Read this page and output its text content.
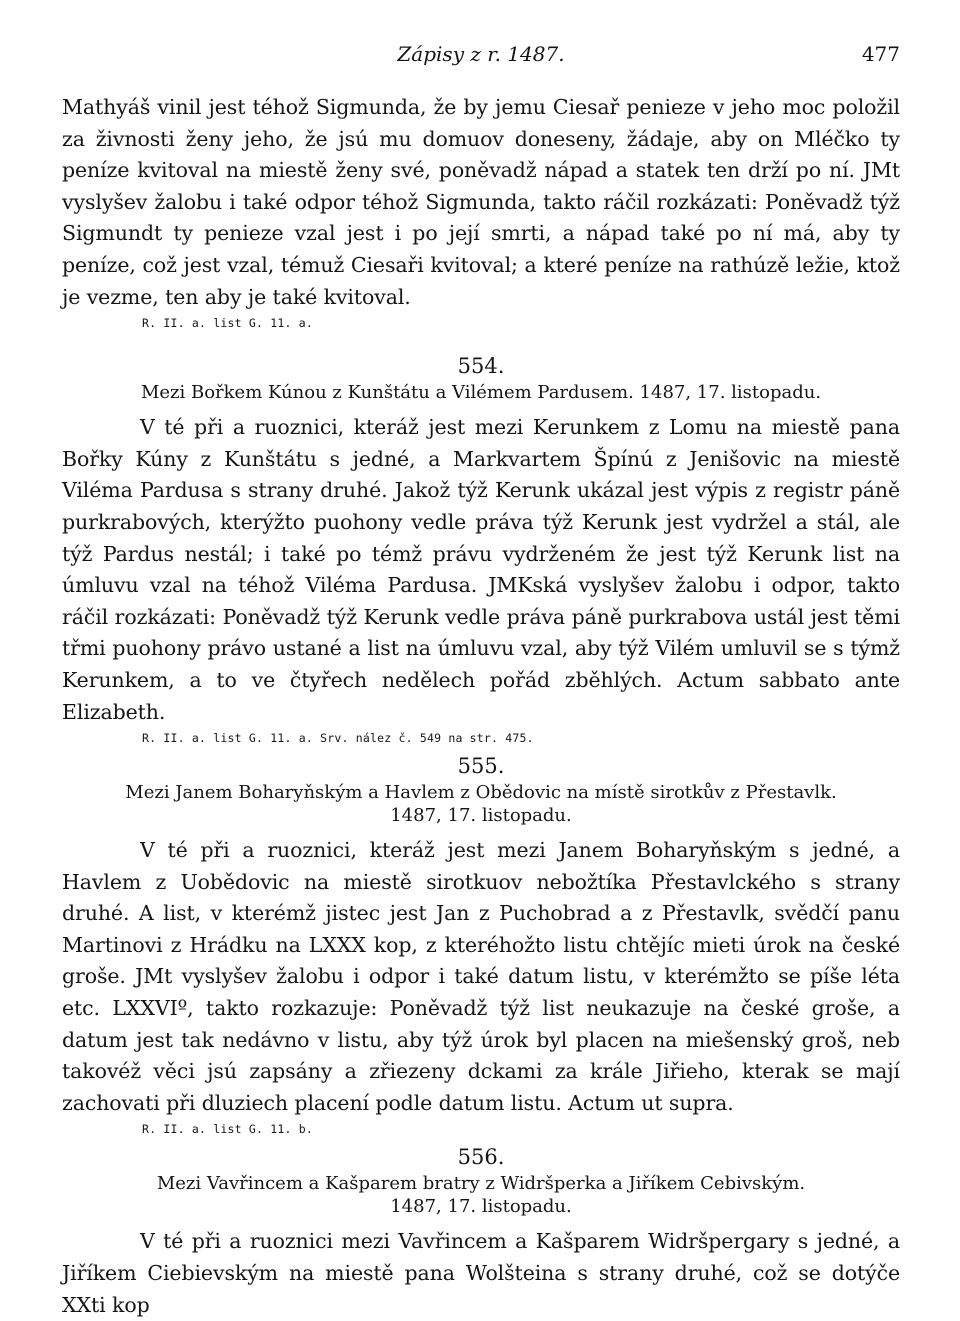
Zápisy z r. 1487.	477

Mathyáš vinil jest téhož Sigmunda, že by jemu Ciesař penieze v jeho moc položil za živnosti ženy jeho, že jsú mu domuov doneseny, žádaje, aby on Mléčko ty peníze kvitoval na miestě ženy své, poněvadž nápad a statek ten drží po ní. JMt vyslyšev žalobu i také odpor téhož Sigmunda, takto ráčil rozkázati: Poněvadž týž Sigmundt ty penieze vzal jest i po její smrti, a nápad také po ní má, aby ty peníze, což jest vzal, témuž Ciesaři kvitoval; a které peníze na rathúzě ležie, ktož je vezme, ten aby je také kvitoval.

R. II. a. list G. 11. a.
554.
Mezi Bořkem Kúnou z Kunštátu a Vilémem Pardusem. 1487, 17. listopadu.

V té při a ruoznici, kteráž jest mezi Kerunkem z Lomu na miestě pana Bořky Kúny z Kunštátu s jedné, a Markvartem Špínú z Jenišovic na miestě Viléma Pardusa s strany druhé. Jakož týž Kerunk ukázal jest výpis z registr páně purkrabových, kterýžto puohony vedle práva týž Kerunk jest vydržel a stál, ale týž Pardus nestál; i také po témž právu vydrženém že jest týž Kerunk list na úmluvu vzal na téhož Viléma Pardusa. JMKská vyslyšev žalobu i odpor, takto ráčil rozkázati: Poněvadž týž Kerunk vedle práva páně purkrabova ustál jest těmi třmi puohony právo ustané a list na úmluvu vzal, aby týž Vilém umluvil se s týmž Kerunkem, a to ve čtyřech nedělech pořád zběhlých. Actum sabbato ante Elizabeth.

R. II. a. list G. 11. a. Srv. nález č. 549 na str. 475.
555.
Mezi Janem Boharyňským a Havlem z Obědovic na místě sirotkův z Přestavlk.
1487, 17. listopadu.

V té při a ruoznici, kteráž jest mezi Janem Boharyňským s jedné, a Havlem z Uobědovic na miestě sirotkuov nebožtíka Přestavlckého s strany druhé. A list, v kterémž jistec jest Jan z Puchobrad a z Přestavlk, svědčí panu Martinovi z Hrádku na LXXX kop, z kteréhožto listu chtějíc mieti úrok na české groše. JMt vyslyšev žalobu i odpor i také datum listu, v kterémžto se píše léta etc. LXXVIº, takto rozkazuje: Poněvadž týž list neukazuje na české groše, a datum jest tak nedávno v listu, aby týž úrok byl placen na miešenský groš, neb takovéž věci jsú zapsány a zřiezeny dckami za krále Jiřieho, kterak se mají zachovati při dluziech placení podle datum listu. Actum ut supra.

R. II. a. list G. 11. b.
556.
Mezi Vavřincem a Kašparem bratry z Widršperka a Jiříkem Cebivským.
1487, 17. listopadu.

V té při a ruoznici mezi Vavřincem a Kašparem Widršpergary s jedné, a Jiříkem Ciebievským na miestě pana Wolšteina s strany druhé, což se dotýče XXti kop
